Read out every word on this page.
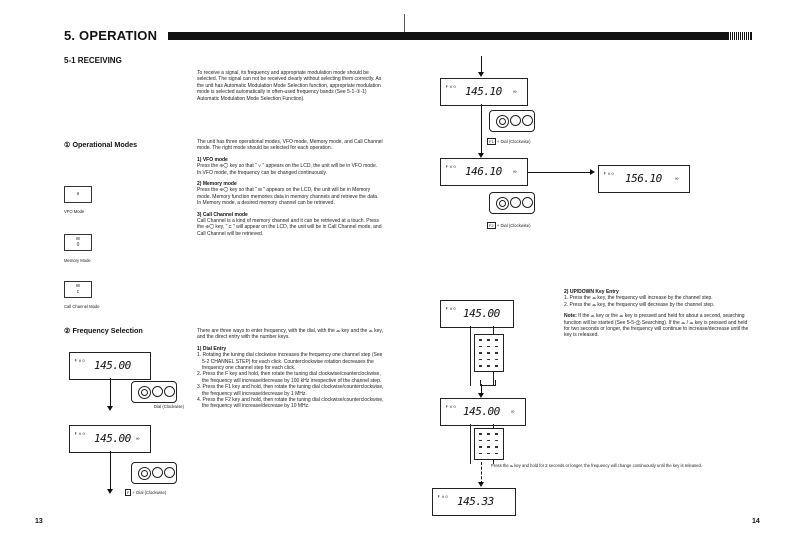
5. OPERATION
5-1 RECEIVING
To receive a signal, its frequency and appropriate modulation mode should be selected. The signal can not be received clearly without selecting them correctly. As the unit has Automatic Modulation Mode Selection function, appropriate modulation mode is selected automatically in often-used frequency bands (See 5-1-③-1) Automatic Modulation Mode Selection Function).
① Operational Modes	The unit has three operational modes, VFO mode, Memory mode, and Call Channel mode. The right mode should be selected for each operation.

1) VFO mode

Press the ⌯◯ key so that " ∨ " appears on the LCD, the unit will be in VFO mode.

In VFO mode, the frequency can be changed continuously.

2) Memory mode

Press the ⌯◯ key so that " ᴍ " appears on the LCD, the unit will be in Memory mode. Memory function memories data in memory channels and retrieve the data.

In Memory mode, a desired memory channel can be retrieved.

3) Call Channel mode

Call Channel is a kind of memory channel and it can be retrieved at a touch. Press the ⌯◯ key, " ⊏ " will appear on the LCD, the unit will be in Call Channel mode, and Call Channel will be retrieved.

∨
VFO Mode
ᴍ
0
Memory Mode
ᴍ
c
Call Channel Mode
② Frequency Selection	There are three ways to enter frequency, with the dial, with the ⌓ key and the ⌓ key, and the direct entry with the number keys.

1) Dial Entry

1. Rotating the tuning dial clockwise increases the frequency one channel step (See 5-2 CHANNEL STEP) for each click. Counterclockwise rotation decreases the frequency one channel step for each click.

2. Press the F key and hold, then rotate the tuning dial clockwise/counterclockwise, the frequency will increase/decrease by 100 kHz irrespective of the channel step.

3. Press the F1 key and hold, then rotate the tuning dial clockwise/counterclockwise, the frequency will increase/decrease by 1 MHz.

4. Press the F2 key and hold, then rotate the tuning dial clockwise/counterclockwise, the frequency will increase/decrease by 10 MHz.

↟ ∨ 0 145.00
Dial (Clockwise)
↟ ∨ 0 145.00 ∞
F + Dial (Clockwise)
13
↟ ∨ 0 145.10 ∞
F1 + Dial (Clockwise)
↟ ∨ 0 146.10 ∞	↟ ∨ 0 156.10	∞
F2 + Dial (Clockwise)
↟ ∨ 0 145.00
↟ ∨ 0 145.00 ∞
Press the ⌓ key and hold for 2 seconds or longer, the frequency will change continuously until the key is released.
↟ ∨ 0 145.33

2) UP/DOWN Key Entry

1. Press the ⌓ key, the frequency will increase by the channel step.

2. Press the ⌓ key, the frequency will decrease by the channel step.

Note: If the ⌓ key or the ⌓ key is pressed and held for about a second, searching function will be started (See 5-5-③ Searching). If the ⌓ / ⌓ key is pressed and held for two seconds or longer, the frequency will continue to increase/decrease until the key is released.

14
